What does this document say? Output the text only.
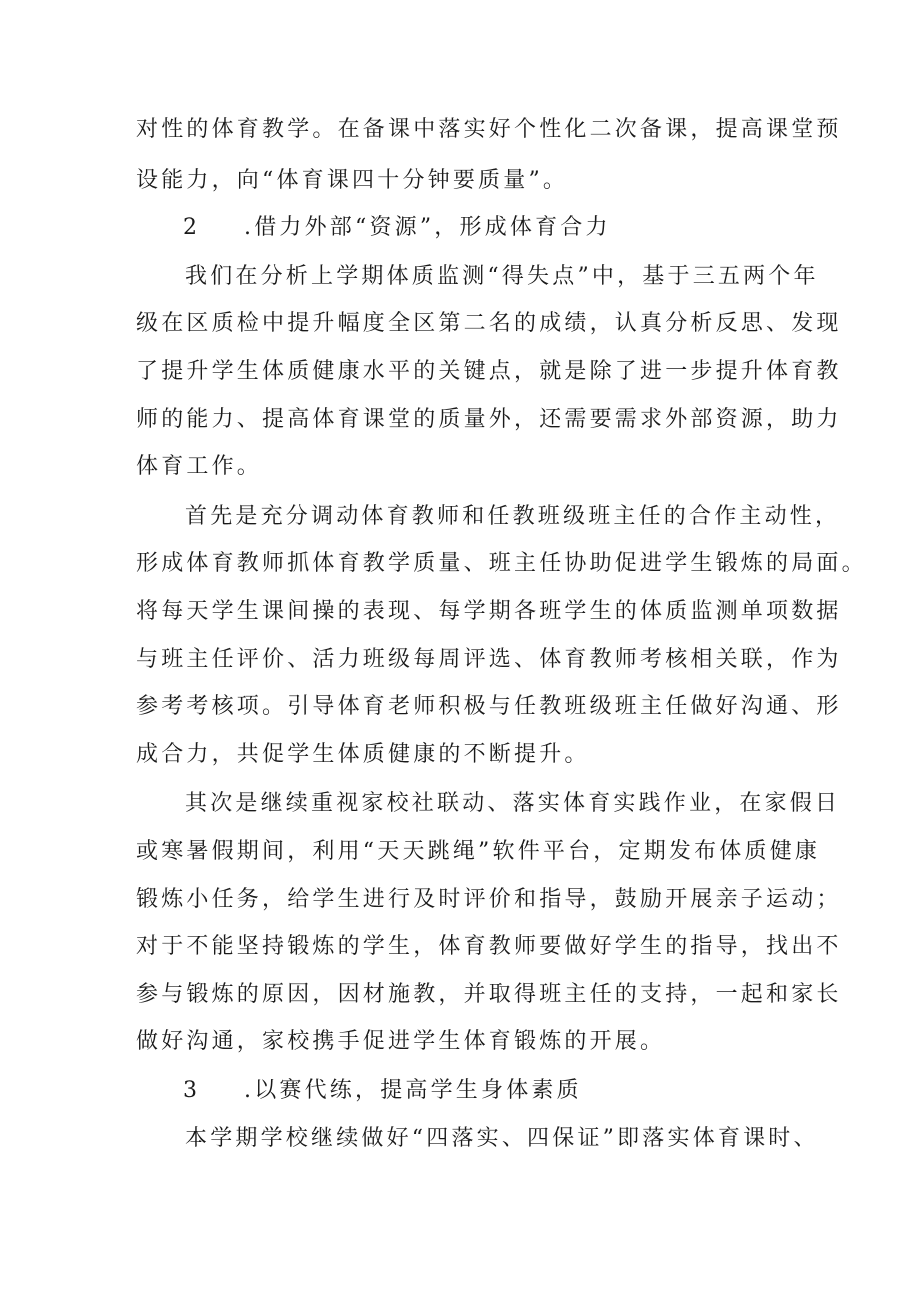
对性的体育教学。在备课中落实好个性化二次备课，提高课堂预
设能力，向“体育课四十分钟要质量”。
2 .借力外部“资源”，形成体育合力
我们在分析上学期体质监测“得失点”中，基于三五两个年
级在区质检中提升幅度全区第二名的成绩，认真分析反思、发现
了提升学生体质健康水平的关键点，就是除了进一步提升体育教
师的能力、提高体育课堂的质量外，还需要需求外部资源，助力
体育工作。
首先是充分调动体育教师和任教班级班主任的合作主动性，
形成体育教师抓体育教学质量、班主任协助促进学生锻炼的局面。
将每天学生课间操的表现、每学期各班学生的体质监测单项数据
与班主任评价、活力班级每周评选、体育教师考核相关联，作为
参考考核项。引导体育老师积极与任教班级班主任做好沟通、形
成合力，共促学生体质健康的不断提升。
其次是继续重视家校社联动、落实体育实践作业，在家假日
或寒暑假期间，利用“天天跳绳”软件平台，定期发布体质健康
锻炼小任务，给学生进行及时评价和指导，鼓励开展亲子运动；
对于不能坚持锻炼的学生，体育教师要做好学生的指导，找出不
参与锻炼的原因，因材施教，并取得班主任的支持，一起和家长
做好沟通，家校携手促进学生体育锻炼的开展。
3 .以赛代练，提高学生身体素质
本学期学校继续做好“四落实、四保证”即落实体育课时、
